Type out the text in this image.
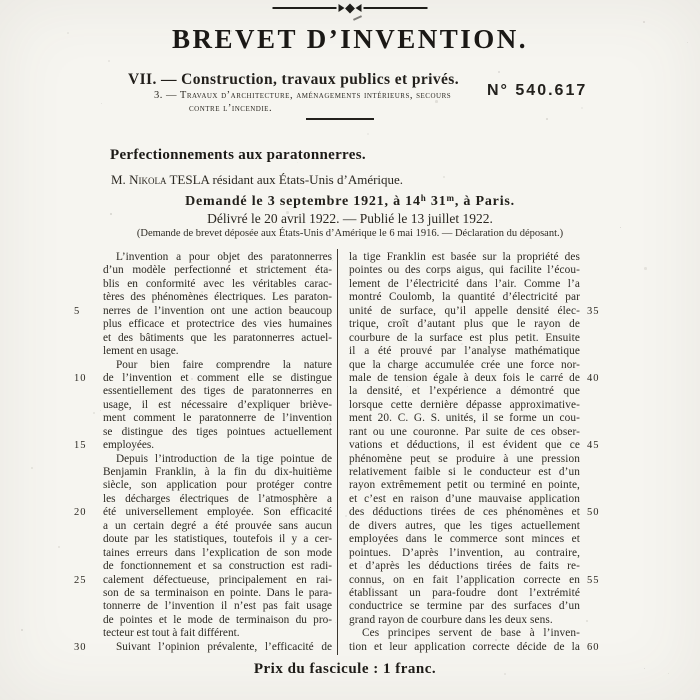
BREVET D’INVENTION.
VII. — Construction, travaux publics et privés.
3. — Travaux d’architecture, aménagements intérieurs, secours
contre l’incendie.
N° 540.617
Perfectionnements aux paratonnerres.
M. Nikola TESLA résidant aux États-Unis d’Amérique.
Demandé le 3 septembre 1921, à 14$^h$ 31$^m$, à Paris.
Délivré le 20 avril 1922. — Publié le 13 juillet 1922.
(Demande de brevet déposée aux États-Unis d’Amérique le 6 mai 1916. — Déclaration du déposant.)
L’invention a pour objet des paratonnerres
d’un modèle perfectionné et strictement éta-
blis en conformité avec les véritables carac-
tères des phénomènes électriques. Les paraton-
nerres de l’invention ont une action beaucoup
5
plus efficace et protectrice des vies humaines
et des bâtiments que les paratonnerres actuel-
lement en usage.
Pour bien faire comprendre la nature
de l’invention et comment elle se distingue
10
essentiellement des tiges de paratonnerres en
usage, il est nécessaire d’expliquer briève-
ment comment le paratonnerre de l’invention
se distingue des tiges pointues actuellement
employées.
15
Depuis l’introduction de la tige pointue de
Benjamin Franklin, à la fin du dix-huitième
siècle, son application pour protéger contre
les décharges électriques de l’atmosphère a
été universellement employée. Son efficacité
20
a un certain degré a été prouvée sans aucun
doute par les statistiques, toutefois il y a cer-
taines erreurs dans l’explication de son mode
de fonctionnement et sa construction est radi-
calement défectueuse, principalement en rai-
25
son de sa terminaison en pointe. Dans le para-
tonnerre de l’invention il n’est pas fait usage
de pointes et le mode de terminaison du pro-
tecteur est tout à fait différent.
Suivant l’opinion prévalente, l’efficacité de
30
la tige Franklin est basée sur la propriété des
pointes ou des corps aigus, qui facilite l’écou-
lement de l’électricité dans l’air. Comme l’a
montré Coulomb, la quantité d’électricité par
unité de surface, qu’il appelle densité élec- 35
trique, croît d’autant plus que le rayon de
courbure de la surface est plus petit. Ensuite
il a été prouvé par l’analyse mathématique
que la charge accumulée crée une force nor-
male de tension égale à deux fois le carré de 40
la densité, et l’expérience a démontré que
lorsque cette dernière dépasse approximative-
ment 20. C. G. S. unités, il se forme un cou-
rant ou une couronne. Par suite de ces obser-
vations et déductions, il est évident que ce 45
phénomène peut se produire à une pression
relativement faible si le conducteur est d’un
rayon extrêmement petit ou terminé en pointe,
et c’est en raison d’une mauvaise application
des déductions tirées de ces phénomènes et 50
de divers autres, que les tiges actuellement
employées dans le commerce sont minces et
pointues. D’après l’invention, au contraire,
et d’après les déductions tirées de faits re-
connus, on en fait l’application correcte en 55
établissant un para-foudre dont l’extrémité
conductrice se termine par des surfaces d’un
grand rayon de courbure dans les deux sens.
Ces principes servent de base à l’inven-
tion et leur application correcte décide de la 60
Prix du fascicule : 1 franc.
